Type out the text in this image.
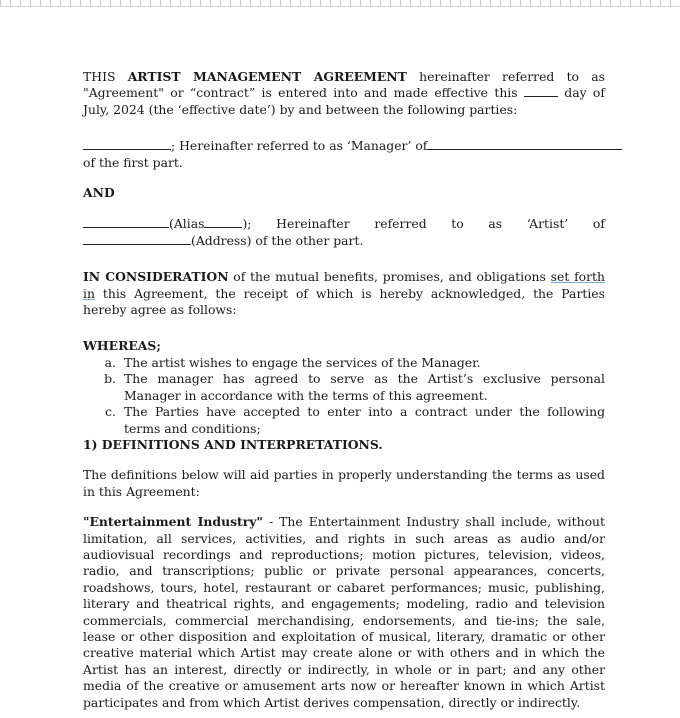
THIS ARTIST MANAGEMENT AGREEMENT hereinafter referred to as "Agreement" or “contract” is entered into and made effective this	day of July, 2024 (the ‘effective date’) by and between the following parties:

; Hereinafter referred to as ‘Manager’ of

of the first part.

AND

(Alias	); Hereinafter referred to as ‘Artist’ of

(Address) of the other part.

IN CONSIDERATION of the mutual benefits, promises, and obligations set forth in this Agreement, the receipt of which is hereby acknowledged, the Parties hereby agree as follows:

WHEREAS;

a. The artist wishes to engage the services of the Manager.
b. The manager has agreed to serve as the Artist’s exclusive personal Manager in accordance with the terms of this agreement.
c. The Parties have accepted to enter into a contract under the following terms and conditions;

1) DEFINITIONS AND INTERPRETATIONS.

The definitions below will aid parties in properly understanding the terms as used in this Agreement:

"Entertainment Industry" - The Entertainment Industry shall include, without limitation, all services, activities, and rights in such areas as audio and/or audiovisual recordings and reproductions; motion pictures, television, videos, radio, and transcriptions; public or private personal appearances, concerts, roadshows, tours, hotel, restaurant or cabaret performances; music, publishing, literary and theatrical rights, and engagements; modeling, radio and television commercials, commercial merchandising, endorsements, and tie-ins; the sale, lease or other disposition and exploitation of musical, literary, dramatic or other creative material which Artist may create alone or with others and in which the Artist has an interest, directly or indirectly, in whole or in part; and any other media of the creative or amusement arts now or hereafter known in which Artist participates and from which Artist derives compensation, directly or indirectly.
